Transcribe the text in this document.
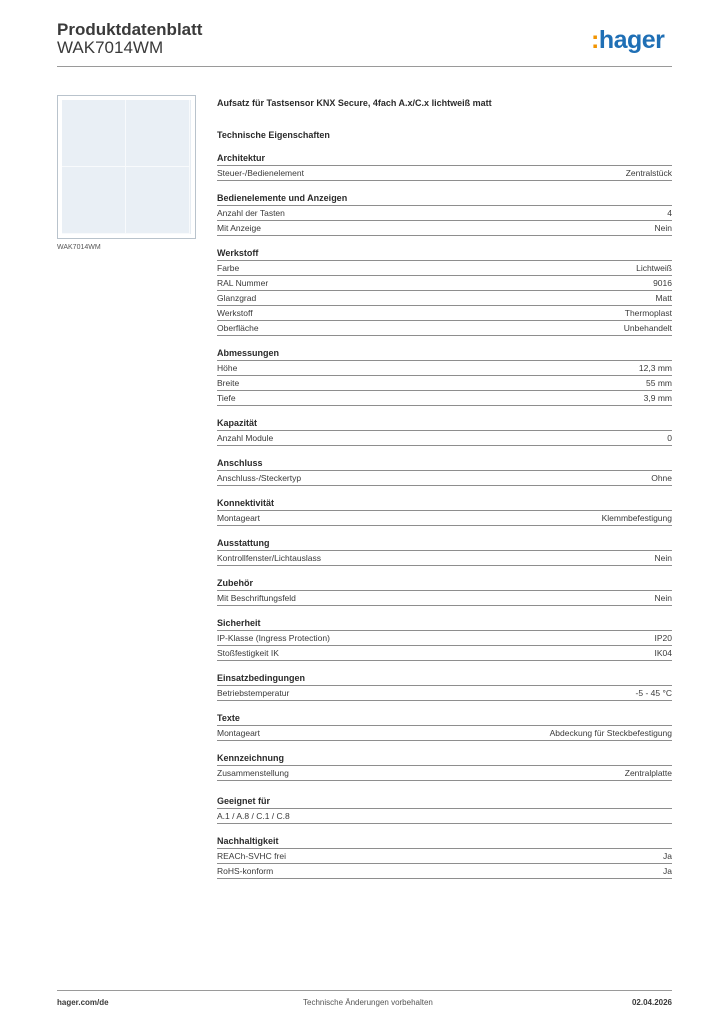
Produktdatenblatt
WAK7014WM	:hager
WAK7014WM
Aufsatz für Tastsensor KNX Secure, 4fach A.x/C.x lichtweiß matt
Technische Eigenschaften
Architektur
Steuer-/Bedienelement	Zentralstück
Bedienelemente und Anzeigen
Anzahl der Tasten	4
Mit Anzeige	Nein
Werkstoff
Farbe	Lichtweiß
RAL Nummer	9016
Glanzgrad	Matt
Werkstoff	Thermoplast
Oberfläche	Unbehandelt
Abmessungen
Höhe	12,3 mm
Breite	55 mm
Tiefe	3,9 mm
Kapazität
Anzahl Module	0
Anschluss
Anschluss-/Steckertyp	Ohne
Konnektivität
Montageart	Klemmbefestigung
Ausstattung
Kontrollfenster/Lichtauslass	Nein
Zubehör
Mit Beschriftungsfeld	Nein
Sicherheit
IP-Klasse (Ingress Protection)	IP20
Stoßfestigkeit IK	IK04
Einsatzbedingungen
Betriebstemperatur	-5 - 45 °C
Texte
Montageart	Abdeckung für Steckbefestigung
Kennzeichnung
Zusammenstellung	Zentralplatte
Geeignet für
A.1 / A.8 / C.1 / C.8
Nachhaltigkeit
REACh-SVHC frei	Ja
RoHS-konform	Ja
hager.com/de	Technische Änderungen vorbehalten	02.04.2026
